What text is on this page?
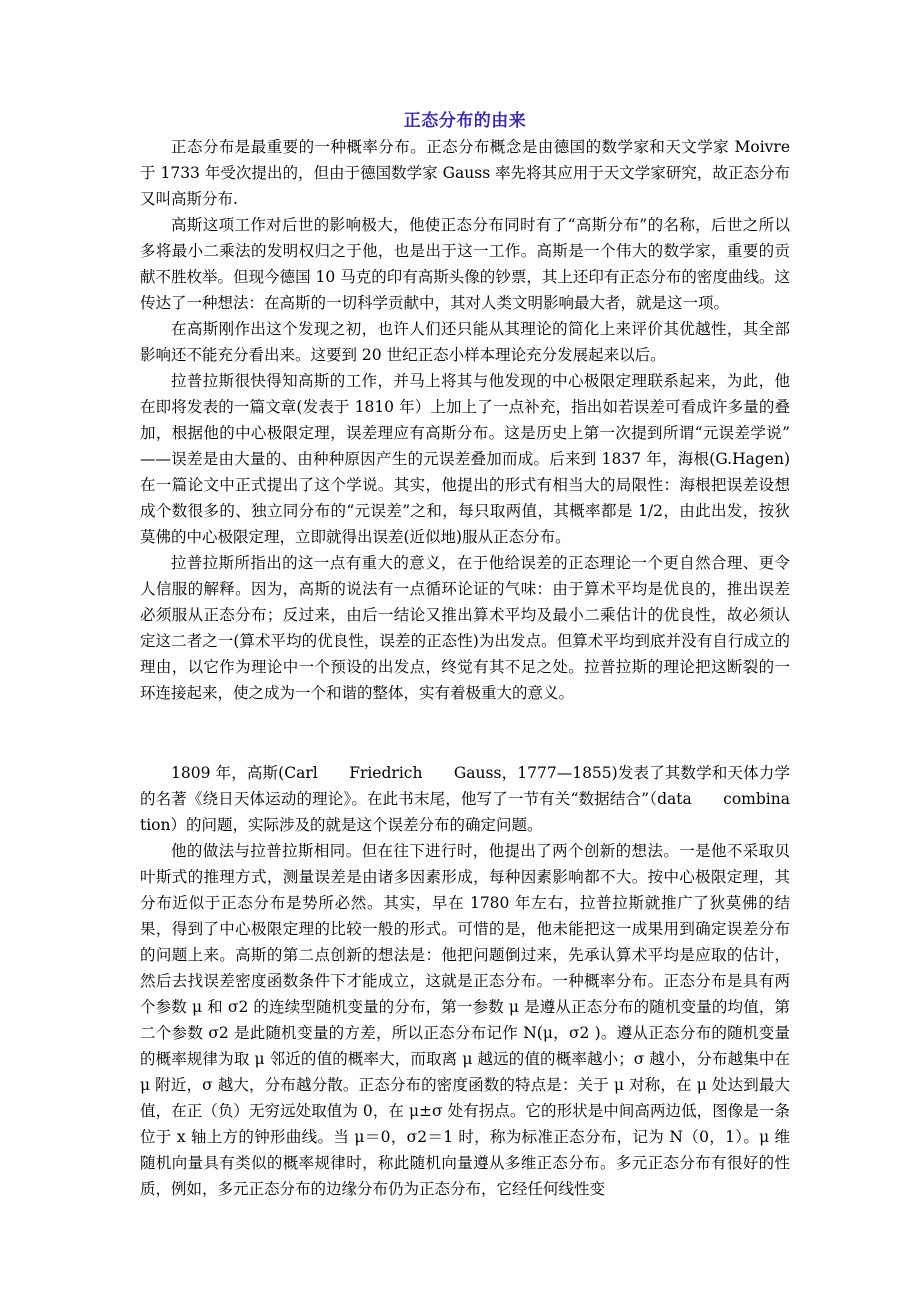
正态分布的由来

正态分布是最重要的一种概率分布。正态分布概念是由德国的数学家和天文学家 Moivre 于 1733 年受次提出的，但由于德国数学家 Gauss 率先将其应用于天文学家研究，故正态分布又叫高斯分布.

高斯这项工作对后世的影响极大，他使正态分布同时有了“高斯分布”的名称，后世之所以多将最小二乘法的发明权归之于他，也是出于这一工作。高斯是一个伟大的数学家，重要的贡献不胜枚举。但现今德国 10 马克的印有高斯头像的钞票，其上还印有正态分布的密度曲线。这传达了一种想法：在高斯的一切科学贡献中，其对人类文明影响最大者，就是这一项。

在高斯刚作出这个发现之初，也许人们还只能从其理论的简化上来评价其优越性，其全部影响还不能充分看出来。这要到 20 世纪正态小样本理论充分发展起来以后。

拉普拉斯很快得知高斯的工作，并马上将其与他发现的中心极限定理联系起来，为此，他在即将发表的一篇文章(发表于 1810 年）上加上了一点补充，指出如若误差可看成许多量的叠加，根据他的中心极限定理，误差理应有高斯分布。这是历史上第一次提到所谓“元误差学说”——误差是由大量的、由种种原因产生的元误差叠加而成。后来到 1837 年，海根(G.Hagen)在一篇论文中正式提出了这个学说。其实，他提出的形式有相当大的局限性：海根把误差设想成个数很多的、独立同分布的“元误差”之和，每只取两值，其概率都是 1/2，由此出发，按狄莫佛的中心极限定理，立即就得出误差(近似地)服从正态分布。

拉普拉斯所指出的这一点有重大的意义，在于他给误差的正态理论一个更自然合理、更令人信服的解释。因为，高斯的说法有一点循环论证的气味：由于算术平均是优良的，推出误差必须服从正态分布；反过来，由后一结论又推出算术平均及最小二乘估计的优良性，故必须认定这二者之一(算术平均的优良性，误差的正态性)为出发点。但算术平均到底并没有自行成立的理由，以它作为理论中一个预设的出发点，终觉有其不足之处。拉普拉斯的理论把这断裂的一环连接起来，使之成为一个和谐的整体，实有着极重大的意义。

1809 年，高斯(Carl　　Friedrich　　Gauss，1777—1855)发表了其数学和天体力学的名著《绕日天体运动的理论》。在此书末尾，他写了一节有关“数据结合”（data　　combination）的问题，实际涉及的就是这个误差分布的确定问题。

他的做法与拉普拉斯相同。但在往下进行时，他提出了两个创新的想法。一是他不采取贝叶斯式的推理方式，测量误差是由诸多因素形成，每种因素影响都不大。按中心极限定理，其分布近似于正态分布是势所必然。其实，早在 1780 年左右，拉普拉斯就推广了狄莫佛的结果，得到了中心极限定理的比较一般的形式。可惜的是，他未能把这一成果用到确定误差分布的问题上来。高斯的第二点创新的想法是：他把问题倒过来，先承认算术平均是应取的估计，然后去找误差密度函数条件下才能成立，这就是正态分布。一种概率分布。正态分布是具有两个参数 μ 和 σ2 的连续型随机变量的分布，第一参数 μ 是遵从正态分布的随机变量的均值，第二个参数 σ2 是此随机变量的方差，所以正态分布记作 N(μ，σ2 )。遵从正态分布的随机变量的概率规律为取 μ 邻近的值的概率大，而取离 μ 越远的值的概率越小；σ 越小，分布越集中在 μ 附近，σ 越大，分布越分散。正态分布的密度函数的特点是：关于 μ 对称，在 μ 处达到最大值，在正（负）无穷远处取值为 0，在 μ±σ 处有拐点。它的形状是中间高两边低，图像是一条位于 x 轴上方的钟形曲线。当 μ＝0，σ2＝1 时，称为标准正态分布，记为 N（0，1）。μ 维随机向量具有类似的概率规律时，称此随机向量遵从多维正态分布。多元正态分布有很好的性质，例如，多元正态分布的边缘分布仍为正态分布，它经任何线性变
